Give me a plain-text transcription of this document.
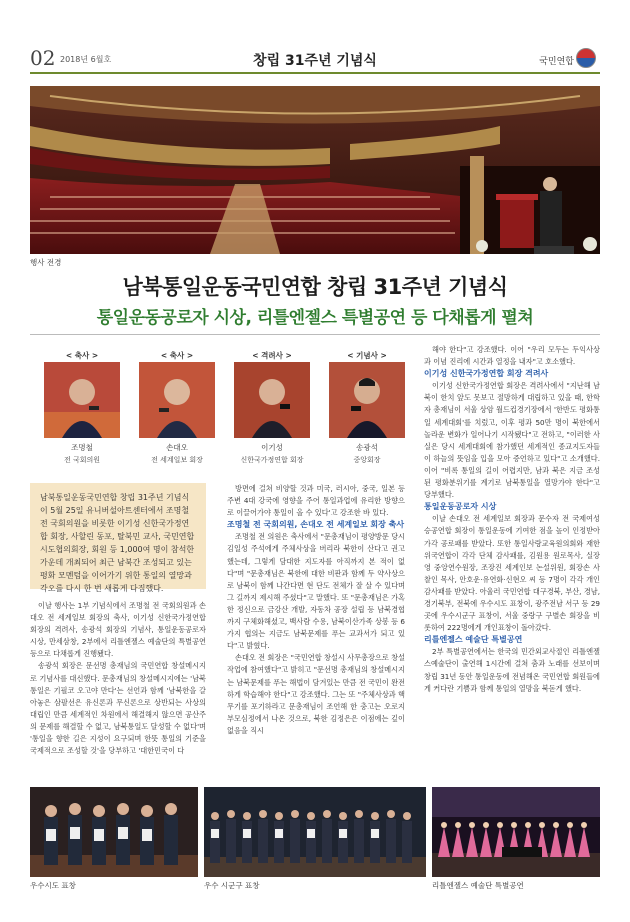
02 2018년 6월호	창립 31주년 기념식	국민연합
행사 전경
남북통일운동국민연합 창립 31주년 기념식
통일운동공로자 시상, 리틀엔젤스 특별공연 등 다채롭게 펼쳐
< 축사 >
조명철
전 국회의원
< 축사 >
손대오
전 세계일보 회장
< 격려사 >
이기성
신한국가정연합 회장
< 기념사 >
송광석
중앙회장
남북통일운동국민연합 창립 31주년 기념식이 5월 25일 유니버설아트센터에서 조명철 전 국회의원을 비롯한 이기성 신한국가정연합 회장, 사할린 동포, 탈북민 교사, 국민연합 시도협의회장, 회원 등 1,000여 명이 참석한 가운데 개최되어 최근 남북간 조성되고 있는 평화 모멘텀을 이어가기 위한 통일의 열망과 각오를 다시 한 번 새롭게 다짐했다.

이날 행사는 1부 기념식에서 조명철 전 국회의원과 손대오 전 세계일보 회장의 축사, 이기성 신한국가정연합 회장의 격려사, 송광석 회장의 기념사, 통일운동공로자 시상, 만세삼창, 2부에서 리틀엔젤스 예술단의 특별공연 등으로 다채롭게 진행됐다.

송광석 회장은 문선명 총재님의 국민연합 창설메시지로 기념사를 대신했다. 문총재님의 창설메시지에는 '남북통일은 기필코 오고야 만다'는 선언과 함께 '남북한을 갈아놓은 삼팔선은 유신론과 무신론으로 상반되는 사상의 대립인 만큼 세계적인 차원에서 해결해지 않으면 공산주의 문제를 해결할 수 없고, 남북통일도 달성할 수 없다'며 '통일을 향한 길은 지성이 요구되며 한뜻 통일의 기준을 국제적으로 조성할 것'을 당부하고 '대한민국이 다

방면에 걸쳐 비양할 것과 미국, 러시아, 중국, 일본 등 주변 4대 강국에 영향을 주어 통일과업에 유리한 방향으로 이끌어가야 통일이 올 수 있다'고 강조한 바 있다.

조명철 전 국회의원, 손대오 전 세계일보 회장 축사

조명철 전 의원은 축사에서 "문총재님이 평양방문 당시 김일성 주석에게 주체사상을 버리라 북한이 산다고 권고했는데, 그렇게 담대한 지도자를 아직까지 본 적이 없다"며 "문총재님은 북한에 대한 비판과 함께 두 약사상으로 남북이 함께 나간다면 현 단도 전체가 잘 살 수 있다며 그 길까지 제시해 주셨다"고 말했다. 또 "문총재님은 가혹한 정신으로 금강산 개발, 자동차 공장 설립 등 남북경협까지 구체화해셨고, 백사람 수용, 남북이산가족 상봉 등 6가지 협의는 지금도 남북문제를 푸는 교과서가 되고 있다"고 밝혔다.

손대오 전 회장은 "국민연합 창설시 사무총장으로 창설 작업에 참여했다"고 밝히고 "문선명 총재님의 창설메시지는 남북문제를 푸는 해법이 담겨있는 만큼 전 국민이 완전하게 학습해야 한다"고 강조했다. 그는 또 "주체사상과 핵무기를 포기하라고 문총재님이 조언해 한 충고는 오로지 부모심정에서 나온 것으로, 북한 김정은은 이점에는 깊이 없음을 직시

해야 한다"고 강조했다. 이어 "우리 모두는 두익사상과 이념 진리에 시간과 열정을 내자"고 호소했다.

이기성 신한국가정연합 회장 격려사

이기성 신한국가정연합 회장은 격려사에서 "지난해 남북이 한치 앞도 못보고 절망하게 대립하고 있을 때, 한학자 총재님이 서울 상암 월드컵경기장에서 '한반도 평화통일 세계대회'를 치렀고, 이후 평과 50만 명이 북한에서 놀라운 변화가 일어나기 시작됐다"고 전하고, "이러한 사실은 당시 세계대회에 참가했던 세계적인 종교지도자들이 하늘의 뜻임을 입을 모아 증언하고 있다"고 소개했다. 이어 "비록 통일의 길이 어렵지만, 남과 북은 지금 조성된 평화분위기를 계기로 남북통일을 열망가야 한다"고 당부했다.

통일운동공로자 시상

이날 손대오 전 세계일보 회장과 문수자 전 국제여성승공연합 회장이 통일운동에 기여한 점을 높이 인정받아 가각 공로패를 받았다. 또한 통일사랑교육원의회와 재한위국연합이 각각 단체 감사패를, 김원용 원로목사, 실장영 중앙연수원장, 조장진 세계인보 논설위원, 회장손 사찰인 목사, 안호운·유연화·신현오 씨 등 7명이 각각 개인 감사패를 받았다. 아울러 국민연합 대구경북, 부산, 경남, 경기북부, 전북에 우수시도 표창이, 광주전남 서구 등 29곳에 우수시군구 표창이, 서울 중랑구 구별손 회장을 비롯하여 222명에게 개인표창이 돌아갔다.

리틀엔젤스 예술단 특별공연

2부 특별공연에서는 한국의 민간외교사절인 리틀엔젤스예술단이 출연해 1시간에 걸쳐 춤과 노래를 선보이며 창립 31년 동안 통일운동에 전념해온 국민연합 회원들에게 커다란 기쁨과 함께 통일의 열망을 북돋게 했다.

우수시도 표창	우수 시군구 표창	리틀엔젤스 예술단 특별공연
